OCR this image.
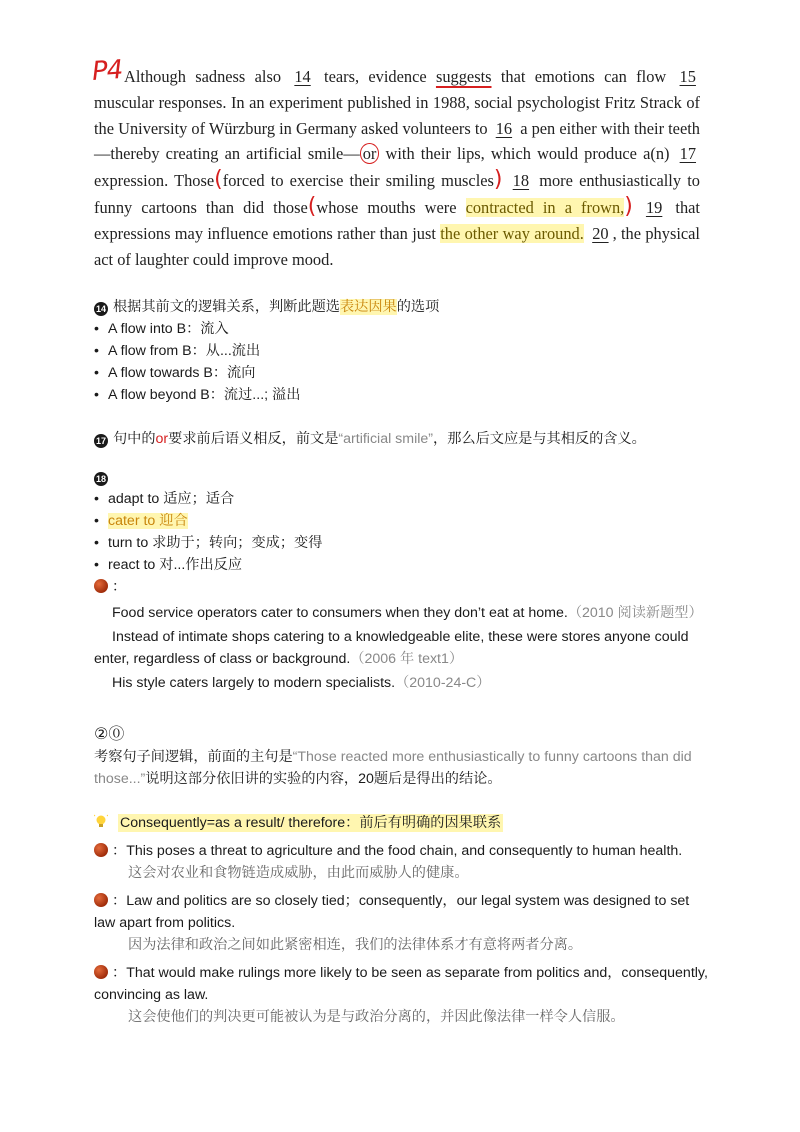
P4 Although sadness also 14 tears, evidence suggests that emotions can flow 15 muscular responses. In an experiment published in 1988, social psychologist Fritz Strack of the University of Würzburg in Germany asked volunteers to 16 a pen either with their teeth—thereby creating an artificial smile— or with their lips, which would produce a(n) 17 expression. Those(forced to exercise their smiling muscles) 18 more enthusiastically to funny cartoons than did those(whose mouths were contracted in a frown,) 19 that expressions may influence emotions rather than just the other way around. 20 , the physical act of laughter could improve mood.
14 根据其前文的逻辑关系，判断此题选表达因果的选项
• A flow into B：流入
• A flow from B：从...流出
• A flow towards B：流向
• A flow beyond B：流过...; 溢出
17 句中的or要求前后语义相反，前文是“artificial smile”，那么后文应是与其相反的含义。
18
• adapt to 适应；适合
• cater to 迎合
• turn to 求助于；转向；变成；变得
• react to 对...作出反应
：
Food service operators cater to consumers when they don’t eat at home.（2010 阅读新题型）
Instead of intimate shops catering to a knowledgeable elite, these were stores anyone could enter, regardless of class or background.（2006 年 text1）
His style caters largely to modern specialists.（2010-24-C）
②⓪
考察句子间逻辑，前面的主句是“Those reacted more enthusiastically to funny cartoons than did those...”说明这部分依旧讲的实验的内容，20题后是得出的结论。
Consequently=as a result/ therefore：前后有明确的因果联系
：This poses a threat to agriculture and the food chain, and consequently to human health.
这会对农业和食物链造成威胁，由此而威胁人的健康。
：Law and politics are so closely tied；consequently，our legal system was designed to set law apart from politics.
因为法律和政治之间如此紧密相连，我们的法律体系才有意将两者分离。
：That would make rulings more likely to be seen as separate from politics and，consequently, convincing as law.
这会使他们的判决更可能被认为是与政治分离的，并因此像法律一样令人信服。
